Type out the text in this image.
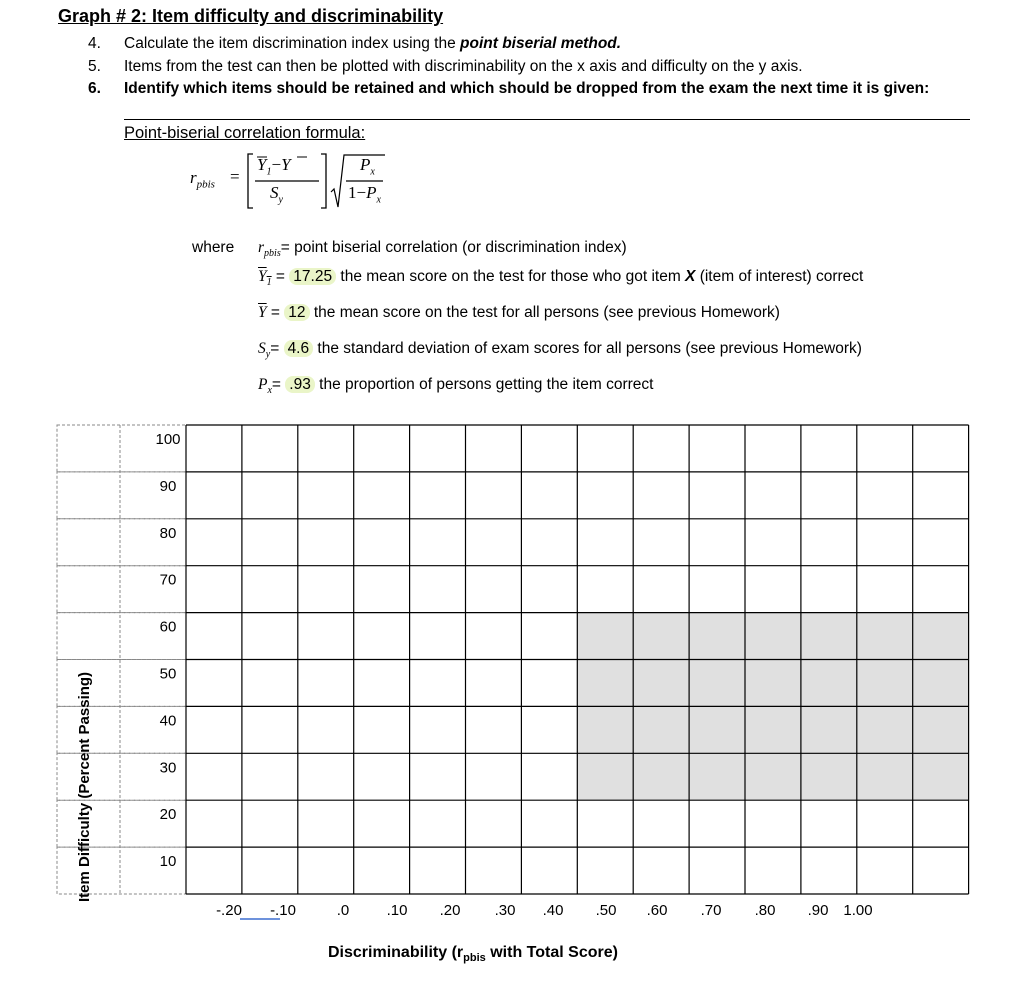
Graph # 2: Item difficulty and discriminability
4. Calculate the item discrimination index using the point biserial method.
5. Items from the test can then be plotted with discriminability on the x axis and difficulty on the y axis.
6. Identify which items should be retained and which should be dropped from the exam the next time it is given:
Point-biserial correlation formula:
$r_{pbis}$ =
$Y_1-Y$
$S_y$
$P_x$
$1-P_x$
where $r_{pbis}=$ point biserial correlation (or discrimination index)
$Y_1 = 17.25$ the mean score on the test for those who got item X (item of interest) correct
$\overline{Y} = 12$ the mean score on the test for all persons (see previous Homework)
$S_y= 4.6$ the standard deviation of exam scores for all persons (see previous Homework)
$P_x= .93$ the proportion of persons getting the item correct
100
90
80
70
60
50
40
30
20
10
-.20 -.10	.0 .10 .20 .30 .40 .50 .60 .70 .80 .90 1.00
Item Difficulty (Percent Passing)
Discriminability ($r_{pbis}$ with Total Score)
